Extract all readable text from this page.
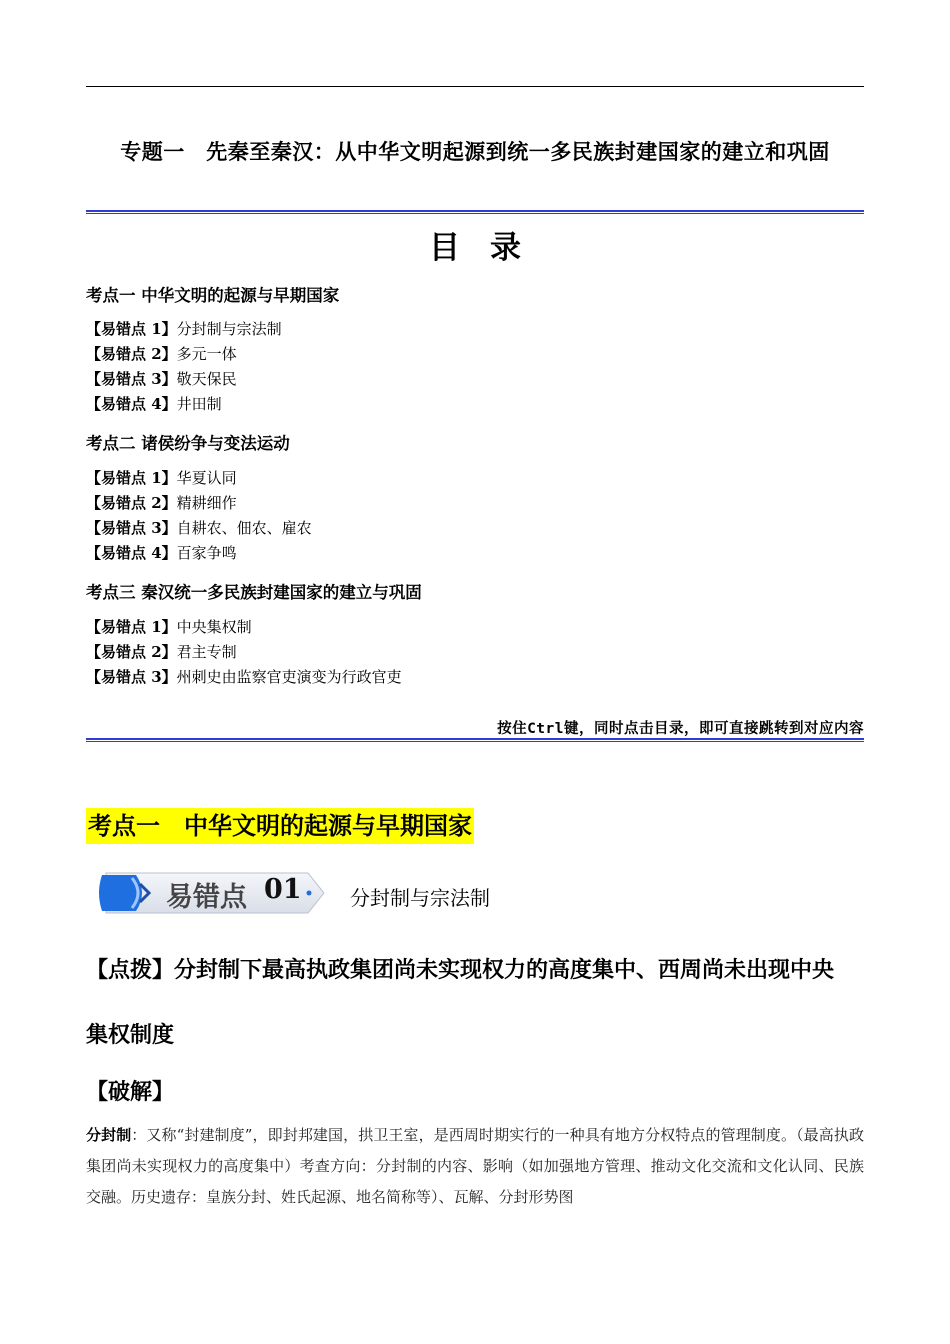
专题一　先秦至秦汉：从中华文明起源到统一多民族封建国家的建立和巩固
目录
考点一 中华文明的起源与早期国家
【易错点 1】分封制与宗法制
【易错点 2】多元一体
【易错点 3】敬天保民
【易错点 4】井田制
考点二 诸侯纷争与变法运动
【易错点 1】华夏认同
【易错点 2】精耕细作
【易错点 3】自耕农、佃农、雇农
【易错点 4】百家争鸣
考点三 秦汉统一多民族封建国家的建立与巩固
【易错点 1】中央集权制
【易错点 2】君主专制
【易错点 3】州刺史由监察官吏演变为行政官吏
按住Ctrl键，同时点击目录，即可直接跳转到对应内容
考点一　中华文明的起源与早期国家
易错点 01 分封制与宗法制
【点拨】分封制下最高执政集团尚未实现权力的高度集中、西周尚未出现中央
集权制度
【破解】
分封制：又称“封建制度”，即封邦建国，拱卫王室，是西周时期实行的一种具有地方分权特点的管理制度。（最高执政集团尚未实现权力的高度集中）考查方向：分封制的内容、影响（如加强地方管理、推动文化交流和文化认同、民族交融。历史遗存：皇族分封、姓氏起源、地名简称等）、瓦解、分封形势图
